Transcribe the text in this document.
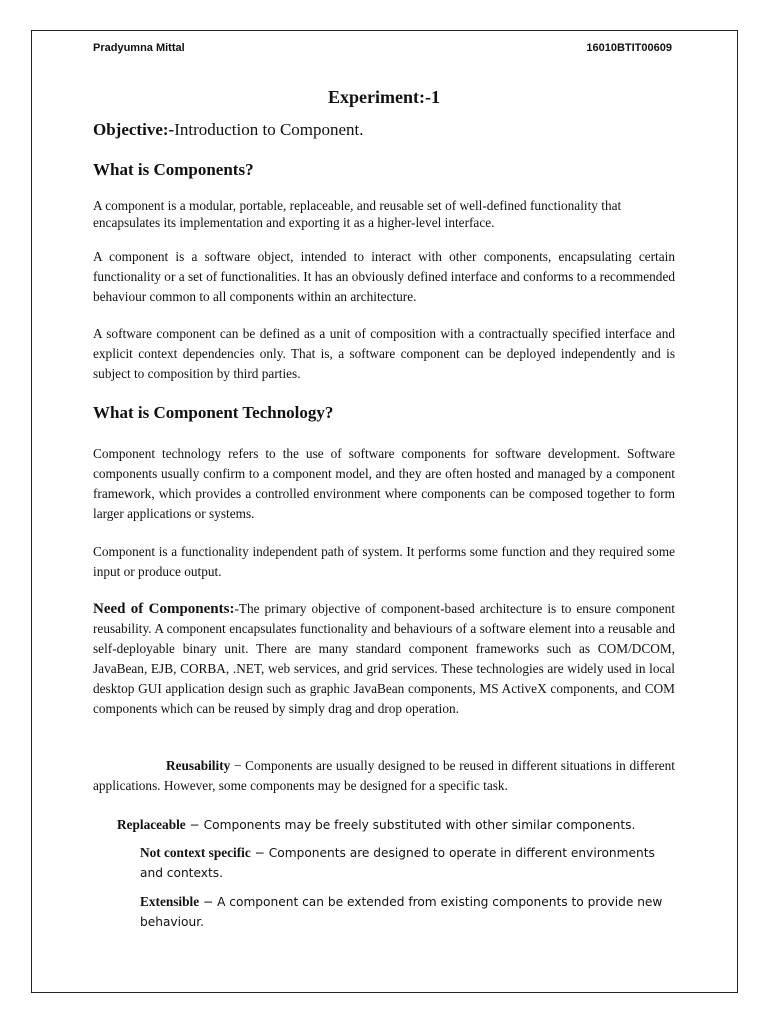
Pradyumna Mittal	16010BTIT00609
Experiment:-1
Objective:-Introduction to Component.
What is Components?

A component is a modular, portable, replaceable, and reusable set of well-defined functionality that encapsulates its implementation and exporting it as a higher-level interface.

A component is a software object, intended to interact with other components, encapsulating certain functionality or a set of functionalities. It has an obviously defined interface and conforms to a recommended behaviour common to all components within an architecture.

A software component can be defined as a unit of composition with a contractually specified interface and explicit context dependencies only. That is, a software component can be deployed independently and is subject to composition by third parties.

What is Component Technology?

Component technology refers to the use of software components for software development. Software components usually confirm to a component model, and they are often hosted and managed by a component framework, which provides a controlled environment where components can be composed together to form larger applications or systems.

Component is a functionality independent path of system. It performs some function and they required some input or produce output.

Need of Components:-The primary objective of component-based architecture is to ensure component reusability. A component encapsulates functionality and behaviours of a software element into a reusable and self-deployable binary unit. There are many standard component frameworks such as COM/DCOM, JavaBean, EJB, CORBA, .NET, web services, and grid services. These technologies are widely used in local desktop GUI application design such as graphic JavaBean components, MS ActiveX components, and COM components which can be reused by simply drag and drop operation.

Reusability − Components are usually designed to be reused in different situations in different applications. However, some components may be designed for a specific task.

Replaceable − Components may be freely substituted with other similar components.

Not context specific − Components are designed to operate in different environments and contexts.

Extensible − A component can be extended from existing components to provide new behaviour.
